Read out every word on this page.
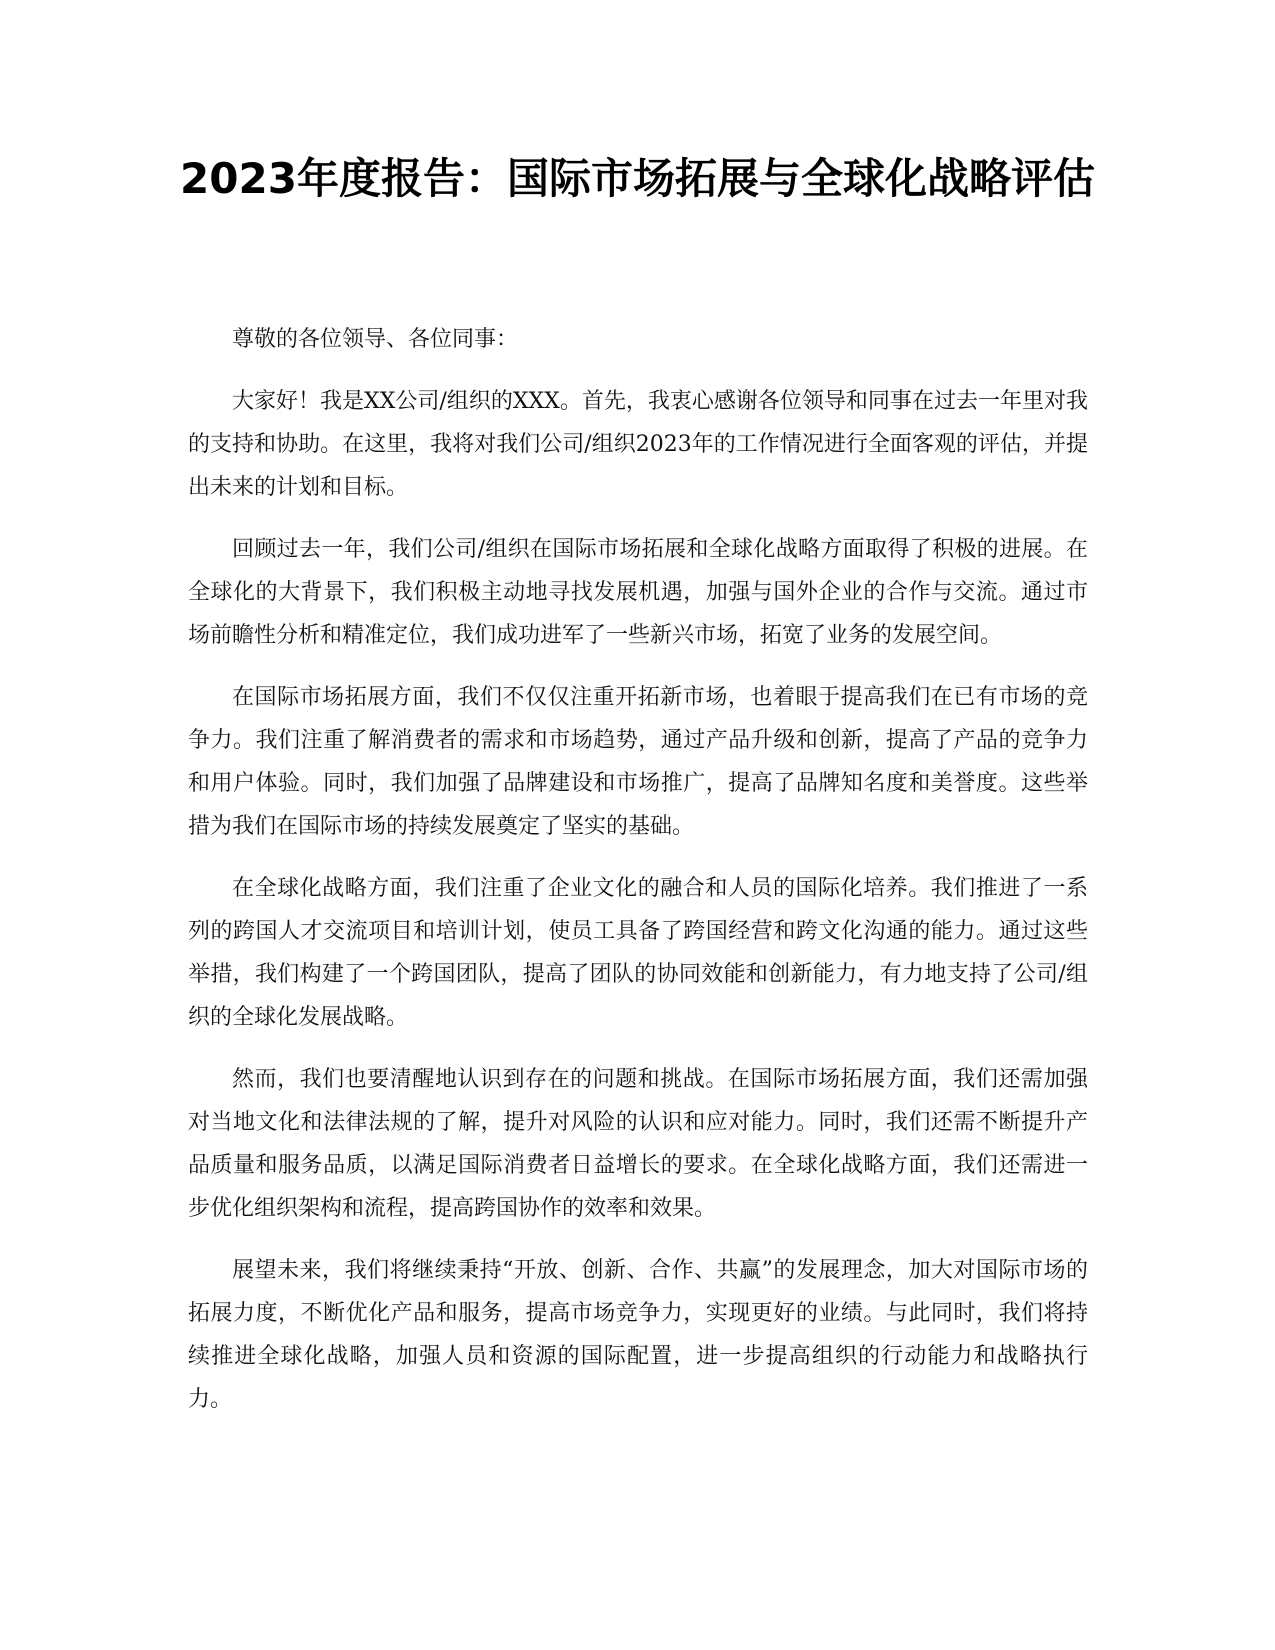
2023年度报告：国际市场拓展与全球化战略评估

尊敬的各位领导、各位同事：

大家好！我是XX公司/组织的XXX。首先，我衷心感谢各位领导和同事在过去一年里对我的支持和协助。在这里，我将对我们公司/组织2023年的工作情况进行全面客观的评估，并提出未来的计划和目标。

回顾过去一年，我们公司/组织在国际市场拓展和全球化战略方面取得了积极的进展。在全球化的大背景下，我们积极主动地寻找发展机遇，加强与国外企业的合作与交流。通过市场前瞻性分析和精准定位，我们成功进军了一些新兴市场，拓宽了业务的发展空间。

在国际市场拓展方面，我们不仅仅注重开拓新市场，也着眼于提高我们在已有市场的竞争力。我们注重了解消费者的需求和市场趋势，通过产品升级和创新，提高了产品的竞争力和用户体验。同时，我们加强了品牌建设和市场推广，提高了品牌知名度和美誉度。这些举措为我们在国际市场的持续发展奠定了坚实的基础。

在全球化战略方面，我们注重了企业文化的融合和人员的国际化培养。我们推进了一系列的跨国人才交流项目和培训计划，使员工具备了跨国经营和跨文化沟通的能力。通过这些举措，我们构建了一个跨国团队，提高了团队的协同效能和创新能力，有力地支持了公司/组织的全球化发展战略。

然而，我们也要清醒地认识到存在的问题和挑战。在国际市场拓展方面，我们还需加强对当地文化和法律法规的了解，提升对风险的认识和应对能力。同时，我们还需不断提升产品质量和服务品质，以满足国际消费者日益增长的要求。在全球化战略方面，我们还需进一步优化组织架构和流程，提高跨国协作的效率和效果。

展望未来，我们将继续秉持“开放、创新、合作、共赢”的发展理念，加大对国际市场的拓展力度，不断优化产品和服务，提高市场竞争力，实现更好的业绩。与此同时，我们将持续推进全球化战略，加强人员和资源的国际配置，进一步提高组织的行动能力和战略执行力。
